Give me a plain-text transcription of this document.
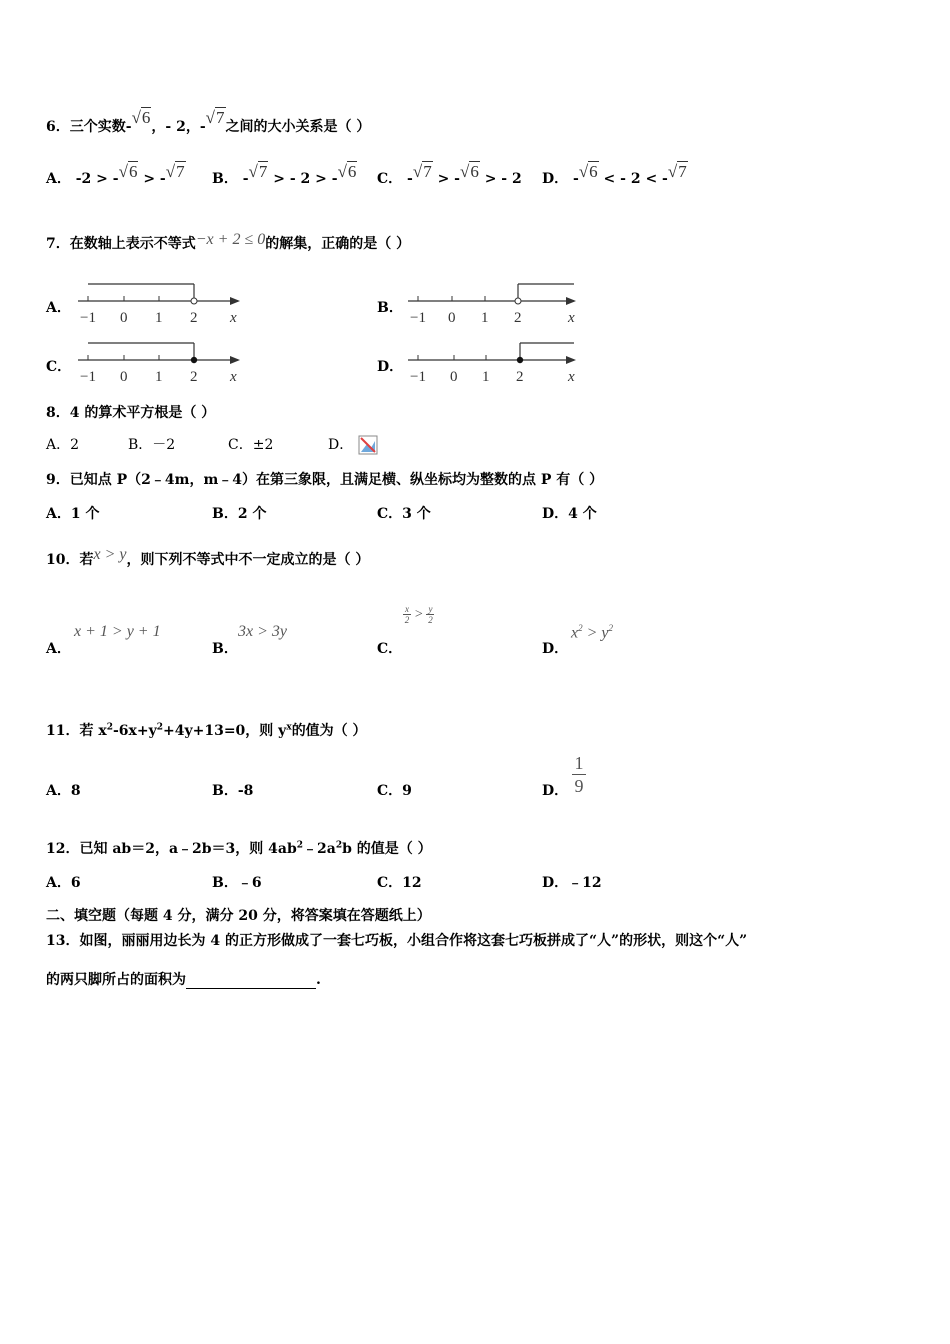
6．三个实数-√6，- 2，-√7之间的大小关系是（ ）
A． -2 > -√6 > -√7 B． -√7 > - 2 > -√6 C． -√7 > -√6 > - 2 D． -√6 < - 2 < -√7
7．在数轴上表示不等式−x + 2 ≤ 0的解集，正确的是（ ）
A．	B．
C．	D．
−1 0 1 2 x	−1 0 1 2	x
−1 0 1 2 x	−1 0 1 2	x
8．4 的算术平方根是（ ）
A．2	B．－2	C．±2	D．
9．已知点 P（2﹣4m，m﹣4）在第三象限，且满足横、纵坐标均为整数的点 P 有（ ）
A．1 个	B．2 个	C．3 个	D．4 个
10．若x > y，则下列不等式中不一定成立的是（ ）
A．
x + 1 > y + 1
B．
3x > 3y
C．
x
2 > y
2
D．
$x^2 > y^2$
11．若 $x^2-6x+y^2+4y+13=0$，则 $y^x$的值为（ ）
A．8	B．-8	C．9	D．
1
9
12．已知 ab＝2，a﹣2b＝3，则 $4ab^2﹣2a^2b$ 的值是（ ）
A．6	B．﹣6	C．12	D．﹣12
二、填空题（每题 4 分，满分 20 分，将答案填在答题纸上）
13．如图，丽丽用边长为 4 的正方形做成了一套七巧板，小组合作将这套七巧板拼成了“人”的形状，则这个“人”
的两只脚所占的面积为	.
